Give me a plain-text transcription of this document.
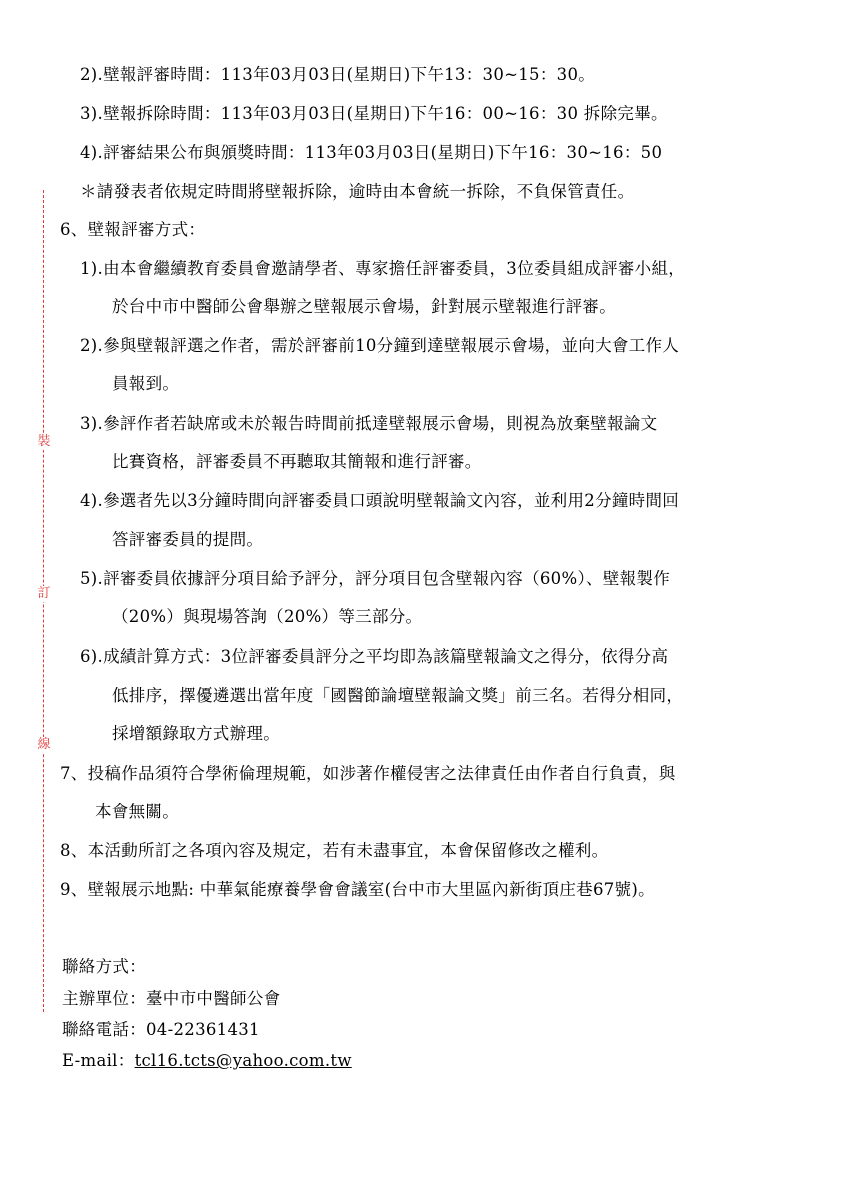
裝
訂
線
2).壁報評審時間：113年03月03日(星期日)下午13：30~15：30。
3).壁報拆除時間：113年03月03日(星期日)下午16：00~16：30 拆除完畢。
4).評審結果公布與頒獎時間：113年03月03日(星期日)下午16：30~16：50
＊請發表者依規定時間將壁報拆除，逾時由本會統一拆除，不負保管責任。
6、壁報評審方式：
1).由本會繼續教育委員會邀請學者、專家擔任評審委員，3位委員組成評審小組，
於台中市中醫師公會舉辦之壁報展示會場，針對展示壁報進行評審。
2).參與壁報評選之作者，需於評審前10分鐘到達壁報展示會場，並向大會工作人
員報到。
3).參評作者若缺席或未於報告時間前抵達壁報展示會場，則視為放棄壁報論文
比賽資格，評審委員不再聽取其簡報和進行評審。
4).參選者先以3分鐘時間向評審委員口頭說明壁報論文內容，並利用2分鐘時間回
答評審委員的提問。
5).評審委員依據評分項目給予評分，評分項目包含壁報內容（60%）、壁報製作
（20%）與現場答詢（20%）等三部分。
6).成績計算方式：3位評審委員評分之平均即為該篇壁報論文之得分，依得分高
低排序，擇優遴選出當年度「國醫節論壇壁報論文獎」前三名。若得分相同，
採增額錄取方式辦理。
7、投稿作品須符合學術倫理規範，如涉著作權侵害之法律責任由作者自行負責，與
本會無關。
8、本活動所訂之各項內容及規定，若有未盡事宜，本會保留修改之權利。
9、壁報展示地點: 中華氣能療養學會會議室(台中市大里區內新街頂庄巷67號)。
聯絡方式：
主辦單位：臺中市中醫師公會
聯絡電話：04-22361431
E-mail：tcl16.tcts@yahoo.com.tw
